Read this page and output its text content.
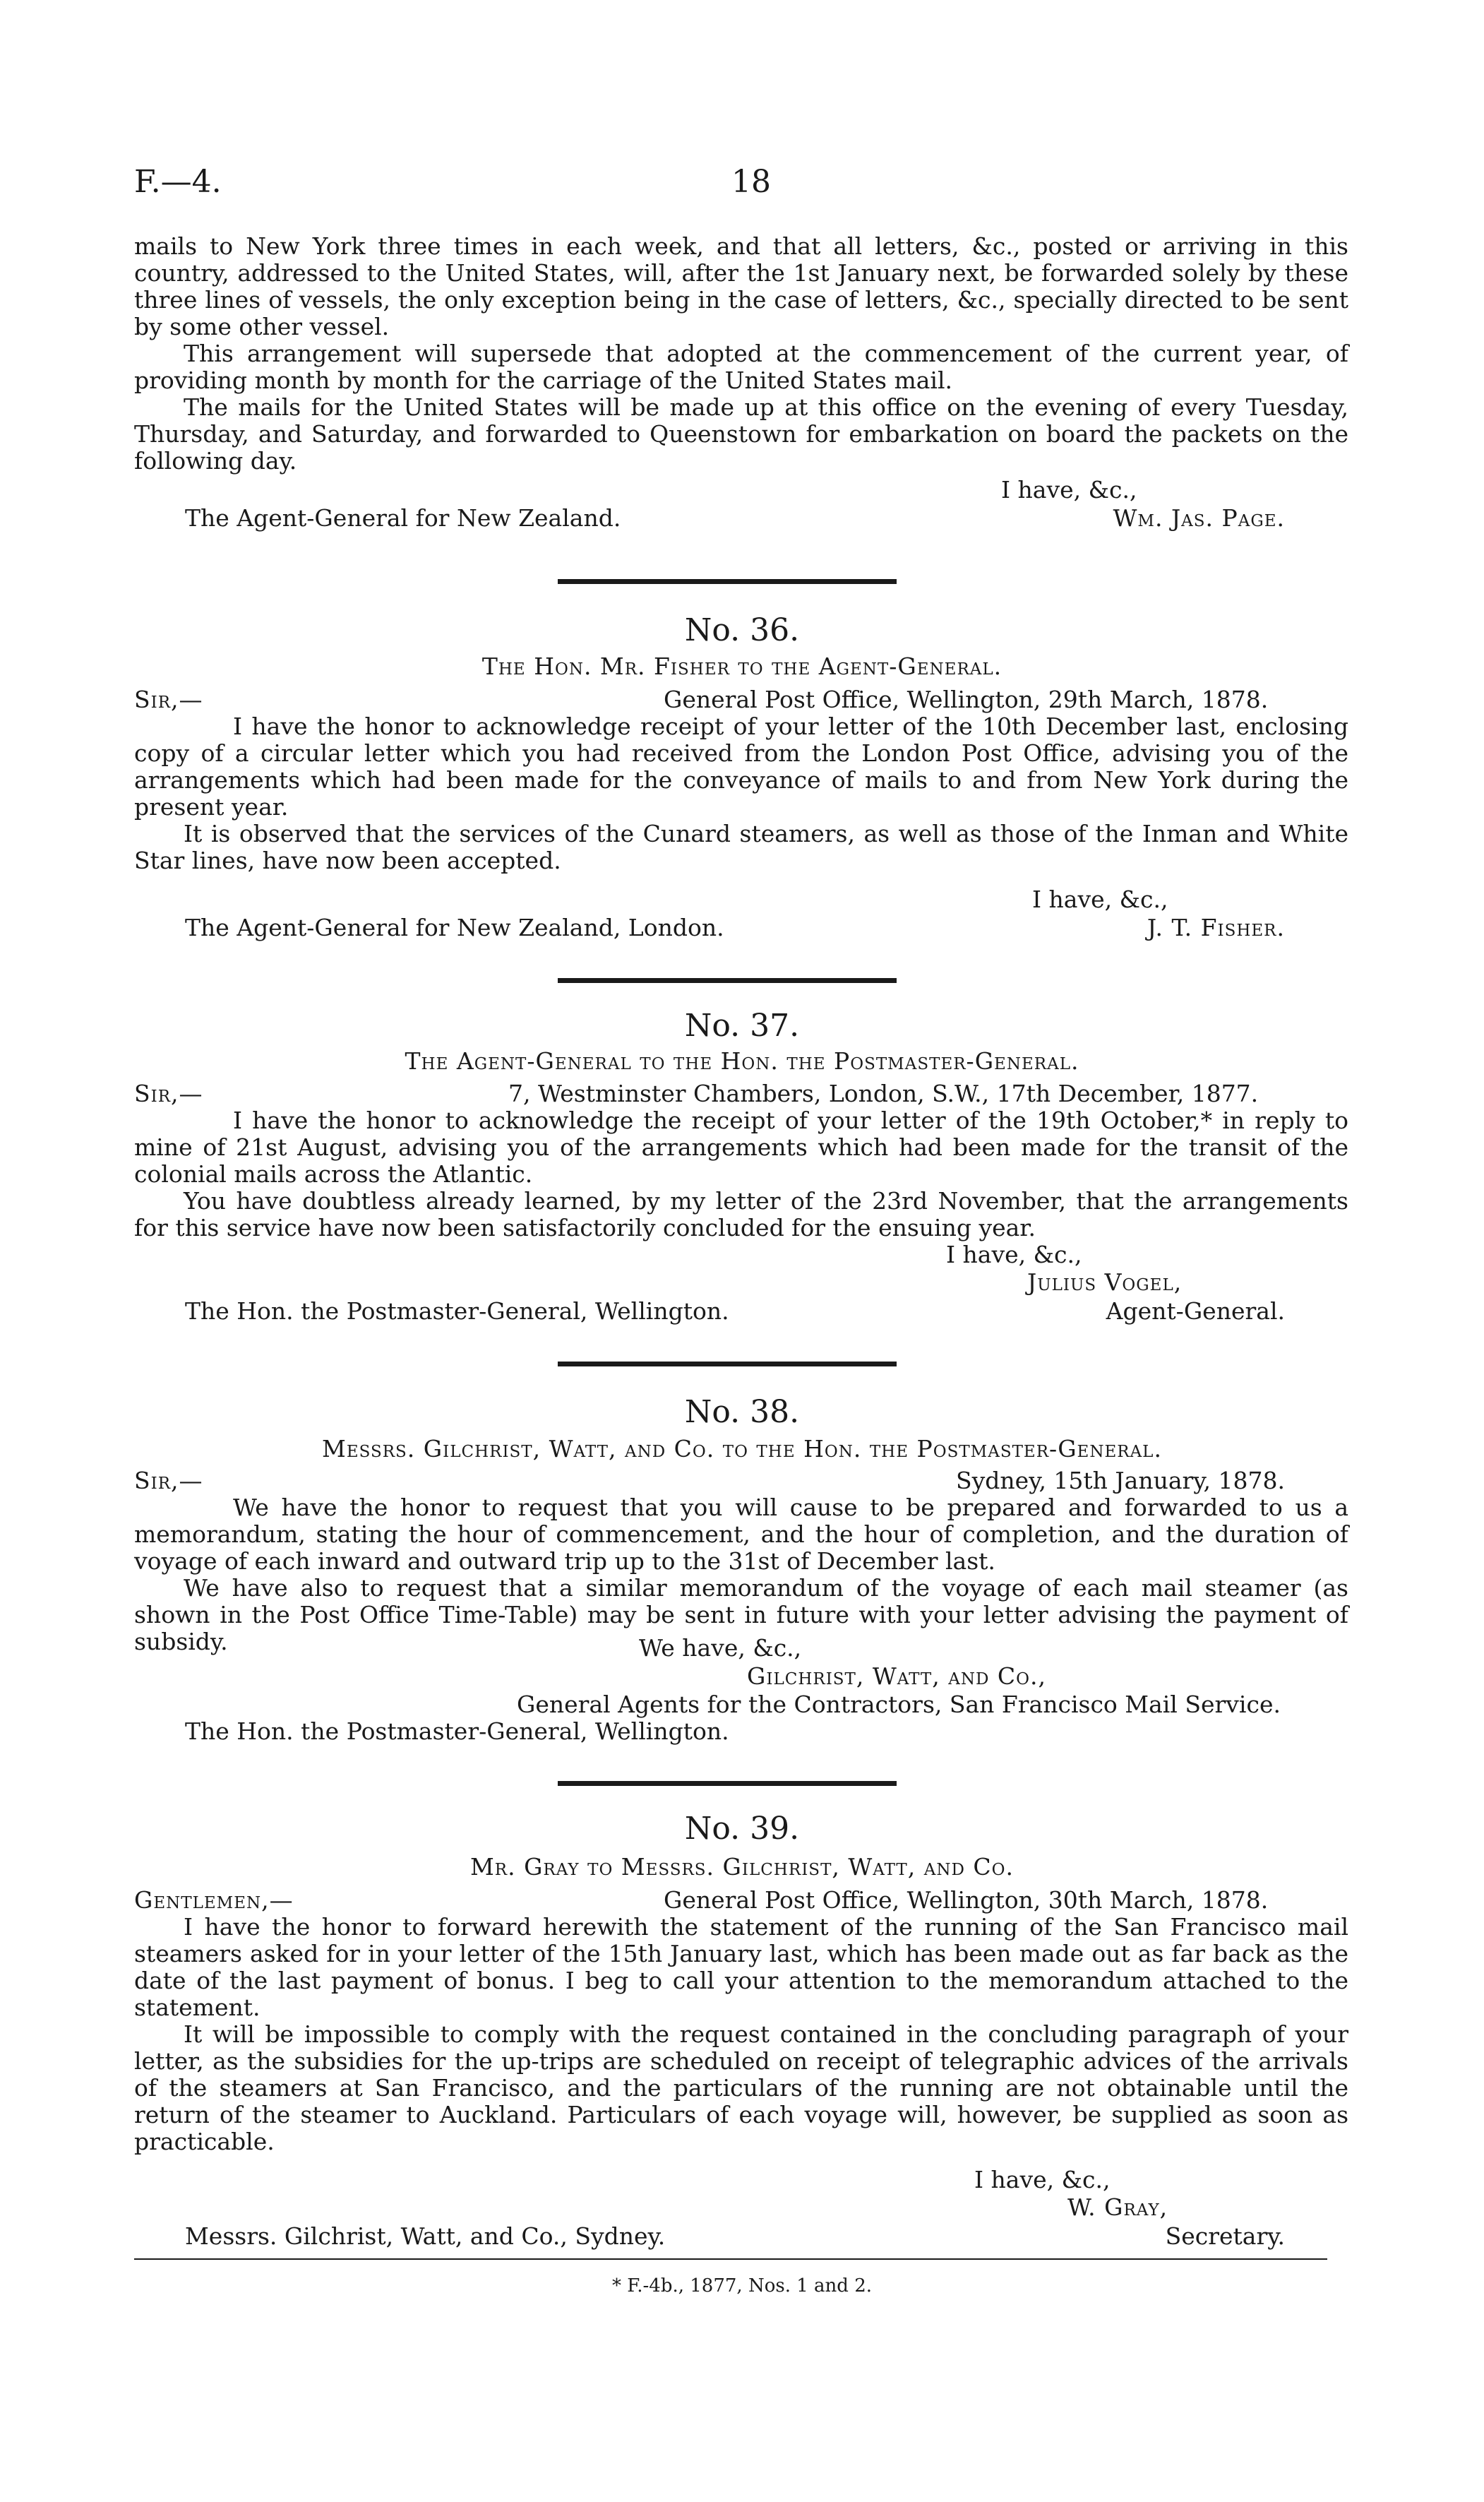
F.—4.	18

mails to New York three times in each week, and that all letters, &c., posted or arriving in this country, addressed to the United States, will, after the 1st January next, be forwarded solely by these three lines of vessels, the only exception being in the case of letters, &c., specially directed to be sent by some other vessel.

This arrangement will supersede that adopted at the commencement of the current year, of providing month by month for the carriage of the United States mail.

The mails for the United States will be made up at this office on the evening of every Tuesday, Thursday, and Saturday, and forwarded to Queenstown for embarkation on board the packets on the following day.

I have, &c.,
The Agent-General for New Zealand.	Wm. Jas. Page.
No. 36.
The Hon. Mr. Fisher to the Agent-General.
Sir,—	General Post Office, Wellington, 29th March, 1878.

I have the honor to acknowledge receipt of your letter of the 10th December last, enclosing copy of a circular letter which you had received from the London Post Office, advising you of the arrangements which had been made for the conveyance of mails to and from New York during the present year.

It is observed that the services of the Cunard steamers, as well as those of the Inman and White Star lines, have now been accepted.

I have, &c.,
The Agent-General for New Zealand, London.	J. T. Fisher.
No. 37.
The Agent-General to the Hon. the Postmaster-General.
Sir,—	7, Westminster Chambers, London, S.W., 17th December, 1877.

I have the honor to acknowledge the receipt of your letter of the 19th October,* in reply to mine of 21st August, advising you of the arrangements which had been made for the transit of the colonial mails across the Atlantic.

You have doubtless already learned, by my letter of the 23rd November, that the arrangements for this service have now been satisfactorily concluded for the ensuing year.

I have, &c.,
Julius Vogel,
The Hon. the Postmaster-General, Wellington.	Agent-General.
No. 38.
Messrs. Gilchrist, Watt, and Co. to the Hon. the Postmaster-General.
Sir,—	Sydney, 15th January, 1878.

We have the honor to request that you will cause to be prepared and forwarded to us a memorandum, stating the hour of commencement, and the hour of completion, and the duration of voyage of each inward and outward trip up to the 31st of December last.

We have also to request that a similar memorandum of the voyage of each mail steamer (as shown in the Post Office Time-Table) may be sent in future with your letter advising the payment of subsidy.	We have, &c.,
Gilchrist, Watt, and Co.,
General Agents for the Contractors, San Francisco Mail Service.
The Hon. the Postmaster-General, Wellington.
No. 39.
Mr. Gray to Messrs. Gilchrist, Watt, and Co.
Gentlemen,—	General Post Office, Wellington, 30th March, 1878.

I have the honor to forward herewith the statement of the running of the San Francisco mail steamers asked for in your letter of the 15th January last, which has been made out as far back as the date of the last payment of bonus. I beg to call your attention to the memorandum attached to the statement.

It will be impossible to comply with the request contained in the concluding paragraph of your letter, as the subsidies for the up-trips are scheduled on receipt of telegraphic advices of the arrivals of the steamers at San Francisco, and the particulars of the running are not obtainable until the return of the steamer to Auckland. Particulars of each voyage will, however, be supplied as soon as practicable.

I have, &c.,
W. Gray,
Messrs. Gilchrist, Watt, and Co., Sydney.	Secretary.
* F.-4b., 1877, Nos. 1 and 2.
